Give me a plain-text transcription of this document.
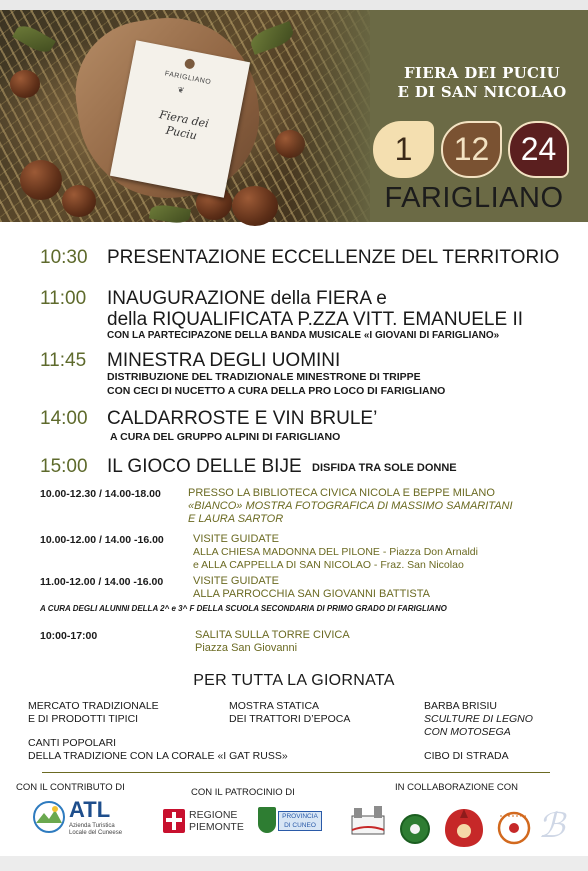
FARIGLIANO
❦
Fiera dei Puciu
FIERA DEI PUCIU
E DI SAN NICOLAO
1	12 24
FARIGLIANO
10:30 PRESENTAZIONE ECCELLENZE DEL TERRITORIO
11:00 INAUGURAZIONE della FIERA e
della RIQUALIFICATA P.ZZA VITT. EMANUELE II
CON LA PARTECIPAZONE DELLA BANDA MUSICALE «I GIOVANI DI FARIGLIANO»
11:45 MINESTRA DEGLI UOMINI
DISTRIBUZIONE DEL TRADIZIONALE MINESTRONE DI TRIPPE
CON CECI DI NUCETTO A CURA DELLA PRO LOCO DI FARIGLIANO
14:00 CALDARROSTE E VIN BRULE’
A CURA DEL GRUPPO ALPINI DI FARIGLIANO
15:00 IL GIOCO DELLE BIJE DISFIDA TRA SOLE DONNE
10.00-12.30 / 14.00-18.00 PRESSO LA BIBLIOTECA CIVICA NICOLA E BEPPE MILANO
«BIANCO» MOSTRA FOTOGRAFICA DI MASSIMO SAMARITANI
E LAURA SARTOR
10.00-12.00 / 14.00 -16.00	VISITE GUIDATE
ALLA CHIESA MADONNA DEL PILONE - Piazza Don Arnaldi
e ALLA CAPPELLA DI SAN NICOLAO - Fraz. San Nicolao
11.00-12.00 / 14.00 -16.00	VISITE GUIDATE
ALLA PARROCCHIA SAN GIOVANNI BATTISTA
A CURA DEGLI ALUNNI DELLA 2^ e 3^ F DELLA SCUOLA SECONDARIA DI PRIMO GRADO DI FARIGLIANO
10:00-17:00	SALITA SULLA TORRE CIVICA
Piazza San Giovanni
PER TUTTA LA GIORNATA
MERCATO TRADIZIONALE
E DI PRODOTTI TIPICI
MOSTRA STATICA
DEI TRATTORI D’EPOCA
BARBA BRISIU
SCULTURE DI LEGNO
CON MOTOSEGA
CANTI POPOLARI
DELLA TRADIZIONE CON LA CORALE «I GAT RUSS»	CIBO DI STRADA
CON IL CONTRIBUTO DI	CON IL PATROCINIO DI	IN COLLABORAZIONE CON
ATL
Azienda Turistica
Locale del Cuneese
REGIONE
PIEMONTE
PROVINCIA
DI CUNEO	ℬ
